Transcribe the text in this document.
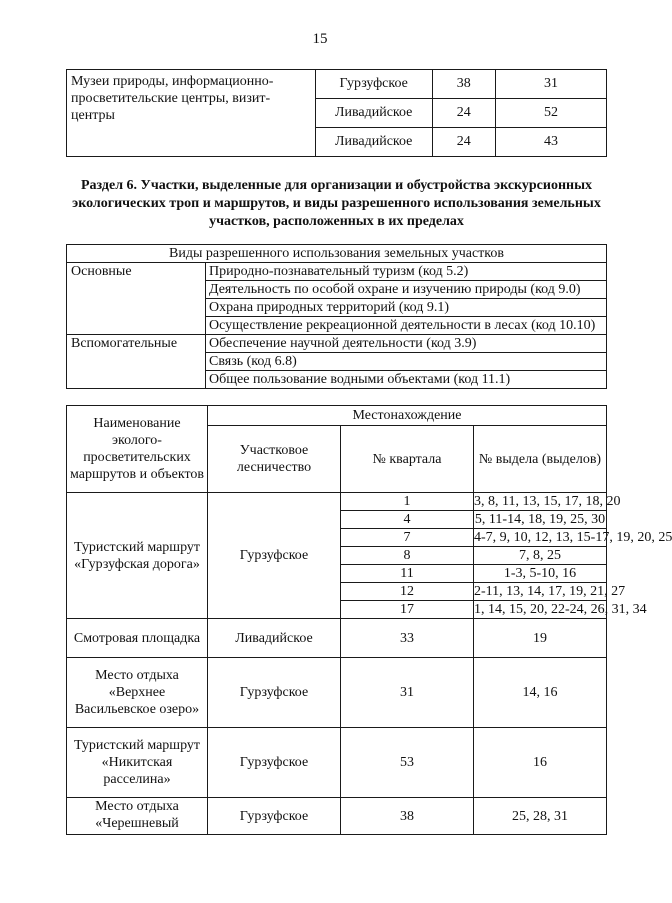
15
Музеи природы, информационно-просветительские центры, визит-центры	Гурзуфское	38	31
	Ливадийское	24	52
	Ливадийское	24	43
Раздел 6. Участки, выделенные для организации и обустройства экскурсионных экологических троп и маршрутов, и виды разрешенного использования земельных участков, расположенных в их пределах
Виды разрешенного использования земельных участков	
Основные	Природно-познавательный туризм (код 5.2)
	Деятельность по особой охране и изучению природы (код 9.0)
	Охрана природных территорий (код 9.1)
	Осуществление рекреационной деятельности в лесах (код 10.10)
Вспомогательные	Обеспечение научной деятельности (код 3.9)
	Связь (код 6.8)
	Общее пользование водными объектами (код 11.1)
Наименование эколого-просветительских маршрутов и объектов	Местонахождение		
	Участковое лесничество	№ квартала	№ выдела (выделов)
Туристский маршрут «Гурзуфская дорога»	Гурзуфское	1	3, 8, 11, 13, 15, 17, 18, 20
		4	5, 11-14, 18, 19, 25, 30
		7	4-7, 9, 10, 12, 13, 15-17, 19, 20, 25
		8	7, 8, 25
		11	1-3, 5-10, 16
		12	2-11, 13, 14, 17, 19, 21, 27
		17	1, 14, 15, 20, 22-24, 26, 31, 34
Смотровая площадка	Ливадийское	33	19
Место отдыха «Верхнее Васильевское озеро»	Гурзуфское	31	14, 16
Туристский маршрут «Никитская расселина»	Гурзуфское	53	16
Место отдыха «Черешневый	Гурзуфское	38	25, 28, 31
